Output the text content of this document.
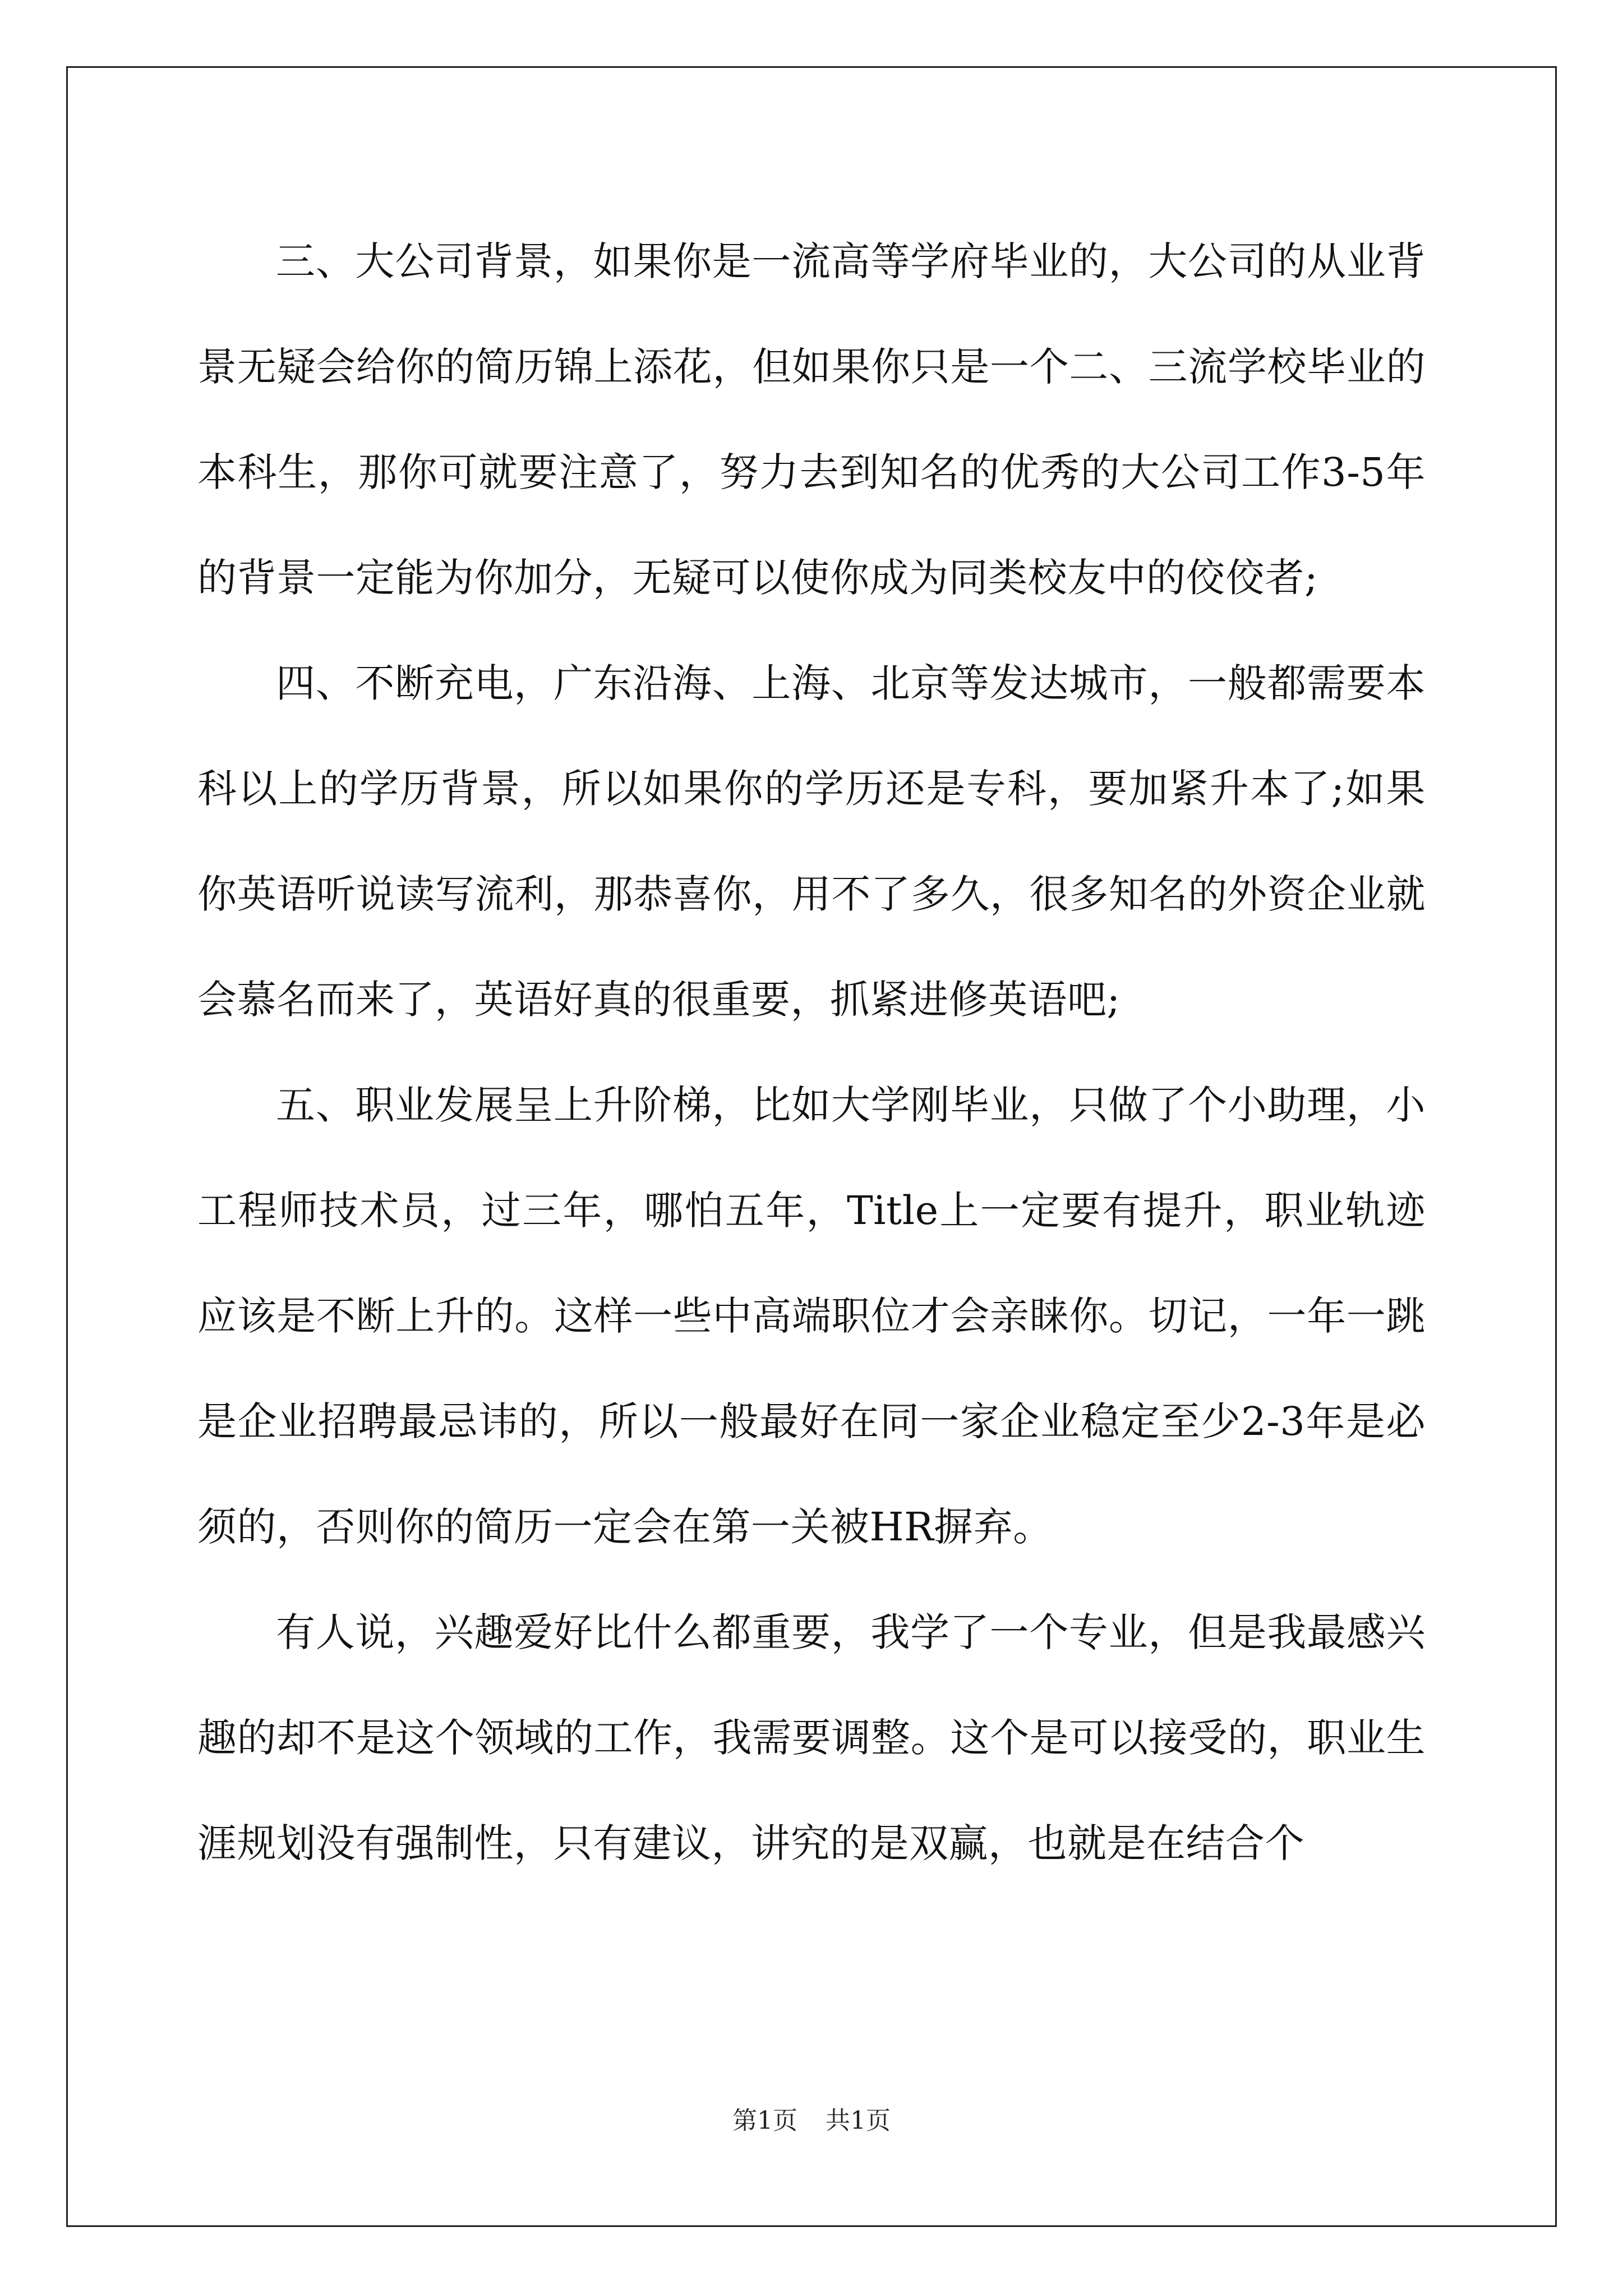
三、大公司背景，如果你是一流高等学府毕业的，大公司的从业背景无疑会给你的简历锦上添花，但如果你只是一个二、三流学校毕业的本科生，那你可就要注意了，努力去到知名的优秀的大公司工作3-5年的背景一定能为你加分，无疑可以使你成为同类校友中的佼佼者;

四、不断充电，广东沿海、上海、北京等发达城市，一般都需要本科以上的学历背景，所以如果你的学历还是专科，要加紧升本了;如果你英语听说读写流利，那恭喜你，用不了多久，很多知名的外资企业就会慕名而来了，英语好真的很重要，抓紧进修英语吧;

五、职业发展呈上升阶梯，比如大学刚毕业，只做了个小助理，小工程师技术员，过三年，哪怕五年，Title上一定要有提升，职业轨迹应该是不断上升的。这样一些中高端职位才会亲睐你。切记，一年一跳是企业招聘最忌讳的，所以一般最好在同一家企业稳定至少2-3年是必须的，否则你的简历一定会在第一关被HR摒弃。

有人说，兴趣爱好比什么都重要，我学了一个专业，但是我最感兴趣的却不是这个领域的工作，我需要调整。这个是可以接受的，职业生涯规划没有强制性，只有建议，讲究的是双赢，也就是在结合个

第1页 共1页
